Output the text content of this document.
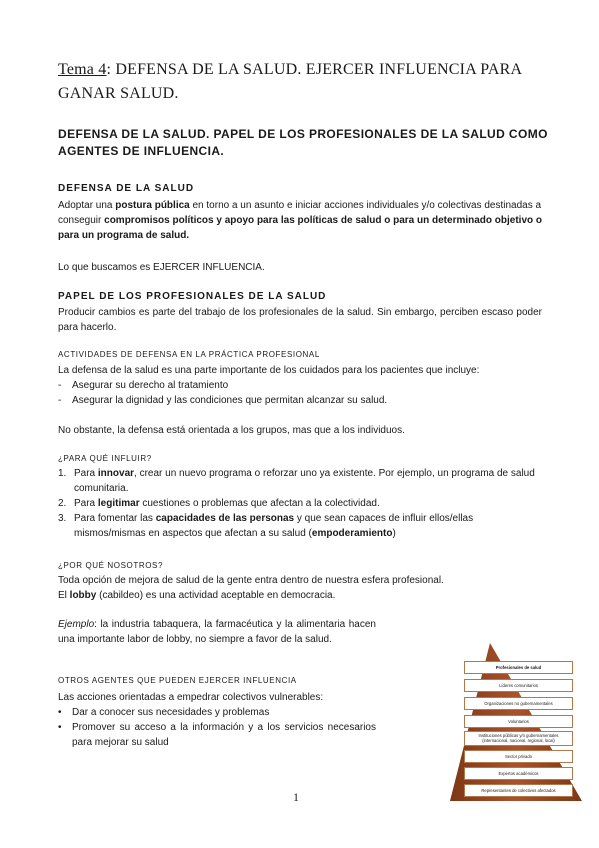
Tema 4: DEFENSA DE LA SALUD. EJERCER INFLUENCIA PARA GANAR SALUD.
DEFENSA DE LA SALUD. PAPEL DE LOS PROFESIONALES DE LA SALUD COMO AGENTES DE INFLUENCIA.
DEFENSA DE LA SALUD
Adoptar una postura pública en torno a un asunto e iniciar acciones individuales y/o colectivas destinadas a conseguir compromisos políticos y apoyo para las políticas de salud o para un determinado objetivo o para un programa de salud.
Lo que buscamos es EJERCER INFLUENCIA.
PAPEL DE LOS PROFESIONALES DE LA SALUD
Producir cambios es parte del trabajo de los profesionales de la salud. Sin embargo, perciben escaso poder para hacerlo.
ACTIVIDADES DE DEFENSA EN LA PRÁCTICA PROFESIONAL
La defensa de la salud es una parte importante de los cuidados para los pacientes que incluye:
- Asegurar su derecho al tratamiento
- Asegurar la dignidad y las condiciones que permitan alcanzar su salud.
No obstante, la defensa está orientada a los grupos, mas que a los individuos.
¿PARA QUÉ INFLUIR?
1. Para innovar, crear un nuevo programa o reforzar uno ya existente. Por ejemplo, un programa de salud comunitaria.
2. Para legitimar cuestiones o problemas que afectan a la colectividad.
3. Para fomentar las capacidades de las personas y que sean capaces de influir ellos/ellas mismos/mismas en aspectos que afectan a su salud (empoderamiento)
¿POR QUÉ NOSOTROS?
Toda opción de mejora de salud de la gente entra dentro de nuestra esfera profesional.
El lobby (cabildeo) es una actividad aceptable en democracia.
Ejemplo: la industria tabaquera, la farmacéutica y la alimentaria hacen una importante labor de lobby, no siempre a favor de la salud.
OTROS AGENTES QUE PUEDEN EJERCER INFLUENCIA
Las acciones orientadas a empedrar colectivos vulnerables:
• Dar a conocer sus necesidades y problemas
• Promover su acceso a la información y a los servicios necesarios para mejorar su salud
Profesionales de salud
Líderes comunitarios
Organizaciones no gubernamentales
Voluntarios
Instituciones públicas y/o gubernamentales (internacional, nacional, regional, local)
Sector privado
Expertos académicos
Representantes de colectivos afectados
1
